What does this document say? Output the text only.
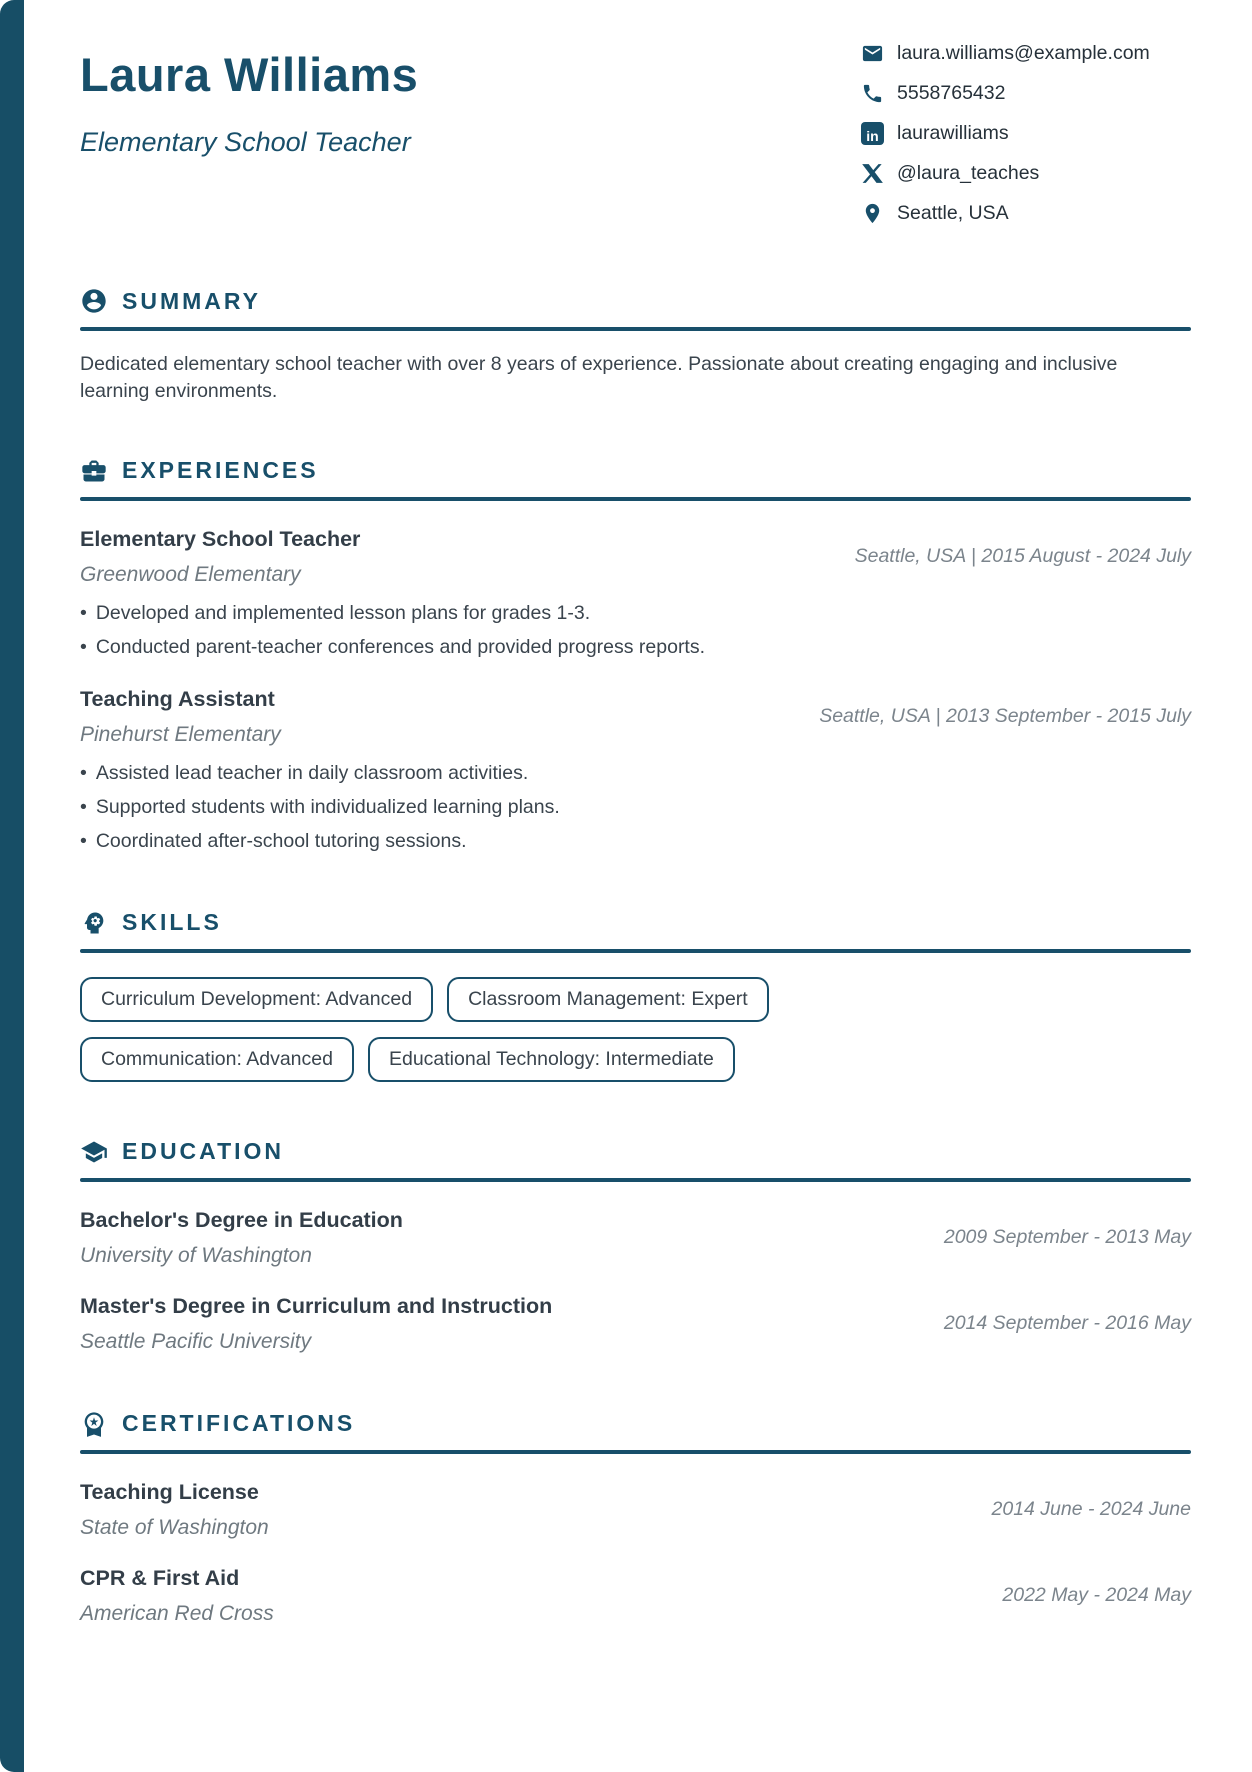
Laura Williams
Elementary School Teacher
laura.williams@example.com
5558765432
in laurawilliams
@laura_teaches
Seattle, USA
SUMMARY
Dedicated elementary school teacher with over 8 years of experience. Passionate about creating engaging and inclusive learning environments.
EXPERIENCES
Elementary School Teacher
Greenwood Elementary
Seattle, USA | 2015 August - 2024 July
• Developed and implemented lesson plans for grades 1-3.
• Conducted parent-teacher conferences and provided progress reports.
Teaching Assistant
Pinehurst Elementary
Seattle, USA | 2013 September - 2015 July
• Assisted lead teacher in daily classroom activities.
• Supported students with individualized learning plans.
• Coordinated after-school tutoring sessions.
SKILLS
Curriculum Development: Advanced	Classroom Management: Expert
Communication: Advanced	Educational Technology: Intermediate
EDUCATION
Bachelor's Degree in Education
University of Washington
2009 September - 2013 May
Master's Degree in Curriculum and Instruction
Seattle Pacific University
2014 September - 2016 May
CERTIFICATIONS
Teaching License
State of Washington
2014 June - 2024 June
CPR & First Aid
American Red Cross
2022 May - 2024 May
